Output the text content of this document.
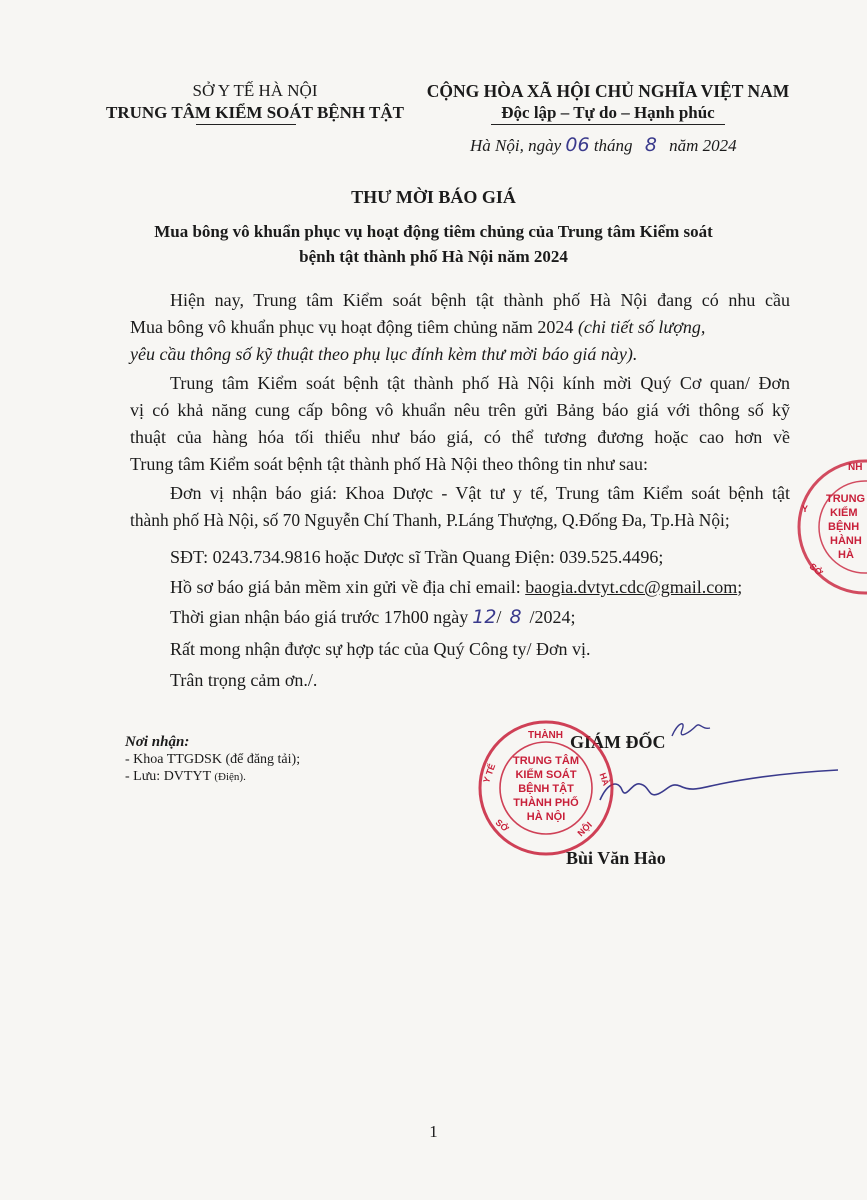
SỞ Y TẾ HÀ NỘI
TRUNG TÂM KIỂM SOÁT BỆNH TẬT
CỘNG HÒA XÃ HỘI CHỦ NGHĨA VIỆT NAM
Độc lập – Tự do – Hạnh phúc
Hà Nội, ngày 06 tháng 8 năm 2024
THƯ MỜI BÁO GIÁ
Mua bông vô khuẩn phục vụ hoạt động tiêm chủng của Trung tâm Kiểm soát
bệnh tật thành phố Hà Nội năm 2024
Hiện nay, Trung tâm Kiểm soát bệnh tật thành phố Hà Nội đang có nhu cầu
Mua bông vô khuẩn phục vụ hoạt động tiêm chủng năm 2024 (chi tiết số lượng,
yêu cầu thông số kỹ thuật theo phụ lục đính kèm thư mời báo giá này).
Trung tâm Kiểm soát bệnh tật thành phố Hà Nội kính mời Quý Cơ quan/ Đơn
vị có khả năng cung cấp bông vô khuẩn nêu trên gửi Bảng báo giá với thông số kỹ
thuật của hàng hóa tối thiểu như báo giá, có thể tương đương hoặc cao hơn về
Trung tâm Kiểm soát bệnh tật thành phố Hà Nội theo thông tin như sau:
Đơn vị nhận báo giá: Khoa Dược - Vật tư y tế, Trung tâm Kiểm soát bệnh tật
thành phố Hà Nội, số 70 Nguyễn Chí Thanh, P.Láng Thượng, Q.Đống Đa, Tp.Hà Nội;
SĐT: 0243.734.9816 hoặc Dược sĩ Trần Quang Điện: 039.525.4496;
Hồ sơ báo giá bản mềm xin gửi về địa chỉ email: baogia.dvtyt.cdc@gmail.com;
Thời gian nhận báo giá trước 17h00 ngày 12/ 8 /2024;
Rất mong nhận được sự hợp tác của Quý Công ty/ Đơn vị.
Trân trọng cảm ơn./.
Nơi nhận:
- Khoa TTGDSK (để đăng tải);
- Lưu: DVTYT (Điện).
GIÁM ĐỐC
THÀNH
Y TẾ	HÀ
SỞ	NỘI
TRUNG TÂM
KIỂM SOÁT
BỆNH TẬT
THÀNH PHỐ
HÀ NỘI
NH
Y
SỞ
TRUNG
KIỂM
BỆNH
HÀNH
HÀ
Bùi Văn Hào
1
